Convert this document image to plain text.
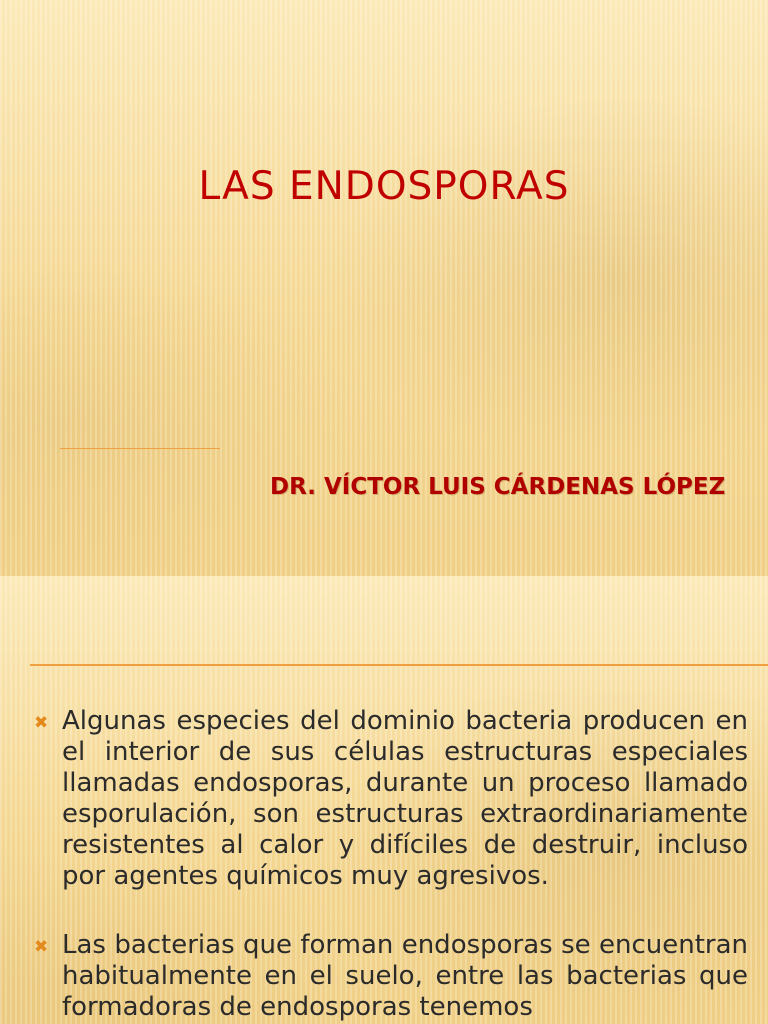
LAS ENDOSPORAS

DR. VÍCTOR LUIS CÁRDENAS LÓPEZ

✖ Algunas especies del dominio bacteria producen en el interior de sus células estructuras especiales llamadas endosporas, durante un proceso llamado esporulación, son estructuras extraordinariamente resistentes al calor y difíciles de destruir, incluso por agentes químicos muy agresivos.
✖ Las bacterias que forman endosporas se encuentran habitualmente en el suelo, entre las bacterias que formadoras de endosporas tenemos
